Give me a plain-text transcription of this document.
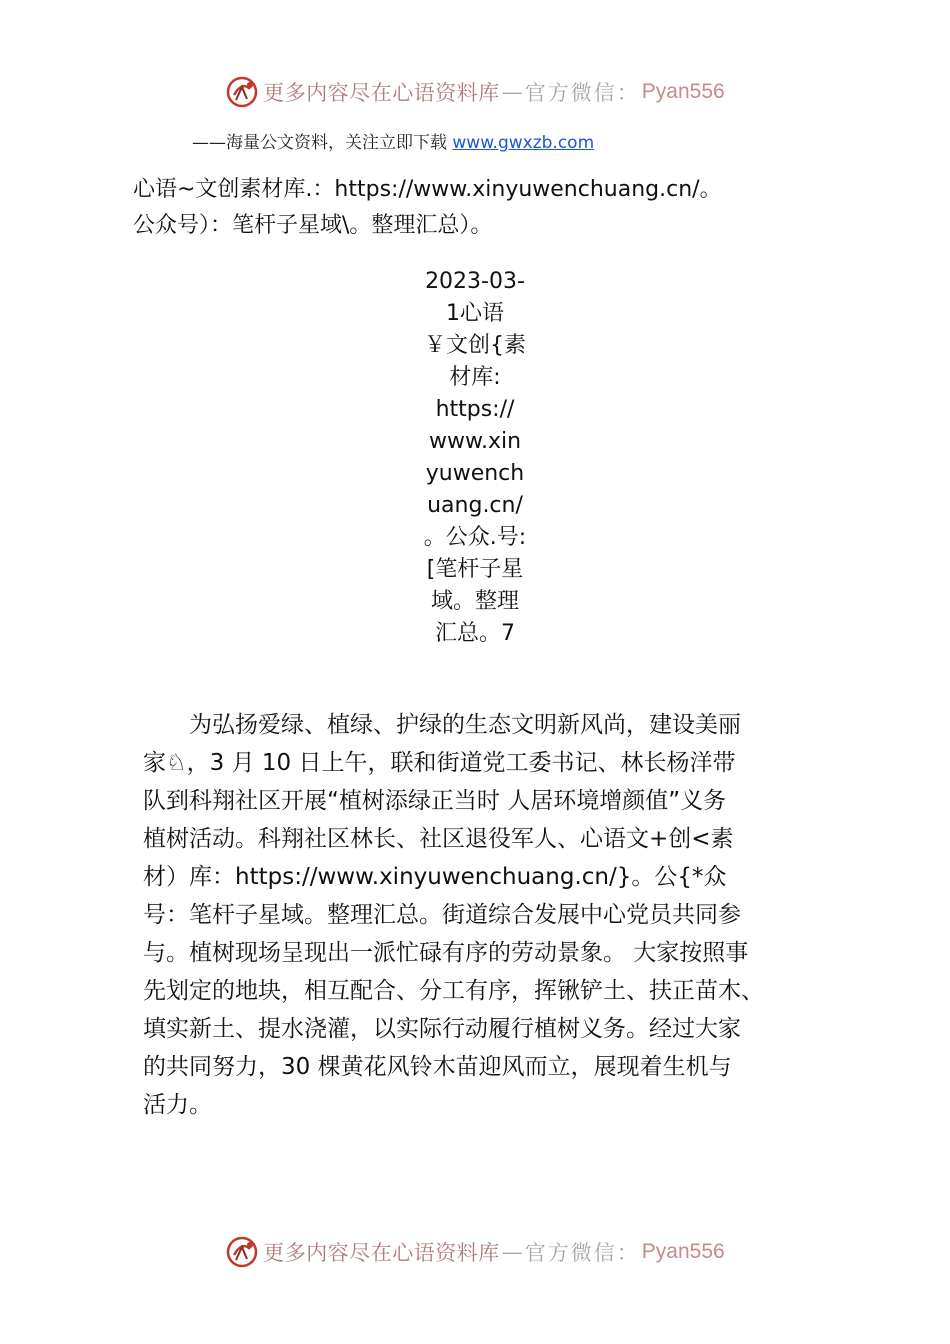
更多内容尽在心语资料库 — 官方微信： Pyan556
——海量公文资料，关注立即下载 www.gwxzb.com
心语~文创素材库.：https://www.xinyuwenchuang.cn/。
公众号）：笔杆子星域\。整理汇总）。
2023-03-
1心语
￥文创{素
材库:
https://
www.xin
yuwench
uang.cn/
。公众.号:
[笔杆子星
域。整理
汇总。7
　　为弘扬爱绿、植绿、护绿的生态文明新风尚，建设美丽
家♘，3 月 10 日上午，联和街道党工委书记、林长杨洋带
队到科翔社区开展“植树添绿正当时 人居环境增颜值”义务
植树活动。科翔社区林长、社区退役军人、心语文+创<素
材）库：https://www.xinyuwenchuang.cn/}。公{*众
号：笔杆子星域。整理汇总。街道综合发展中心党员共同参
与。植树现场呈现出一派忙碌有序的劳动景象。 大家按照事
先划定的地块，相互配合、分工有序，挥锹铲土、扶正苗木、
填实新土、提水浇灌，以实际行动履行植树义务。经过大家
的共同努力，30 棵黄花风铃木苗迎风而立，展现着生机与
活力。
更多内容尽在心语资料库 — 官方微信： Pyan556
